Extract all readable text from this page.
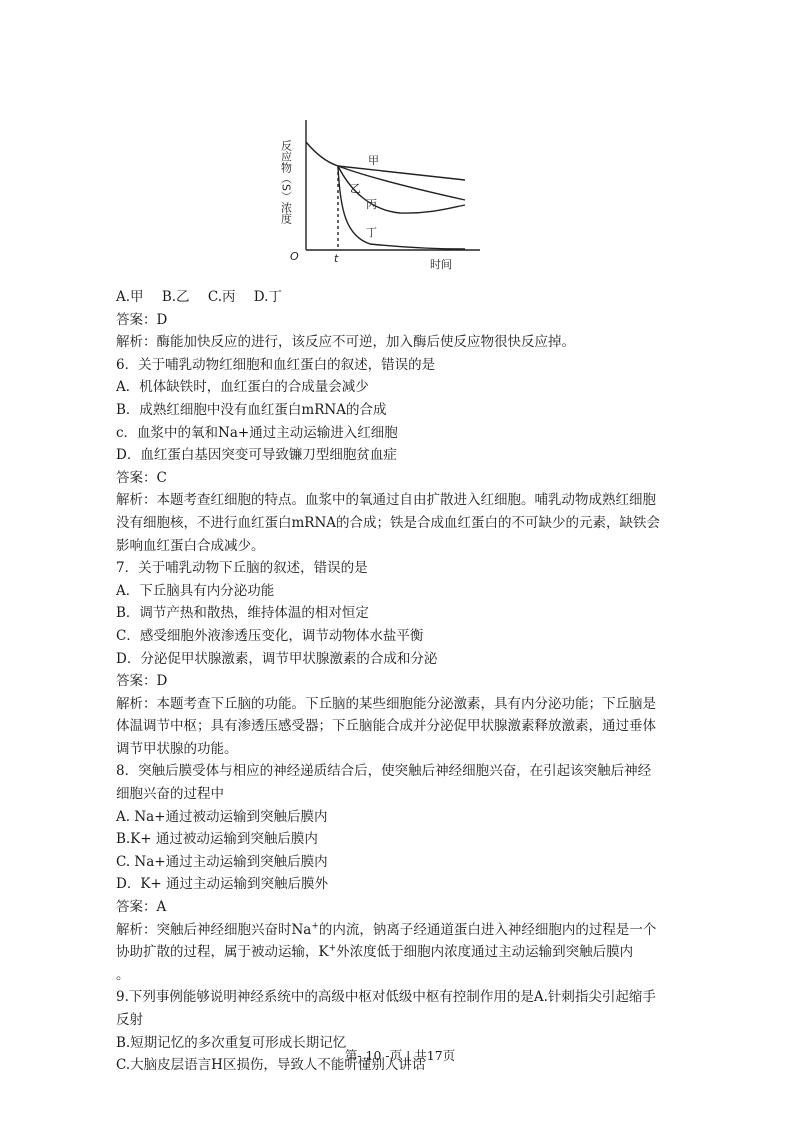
反应物（S）浓度
O	t	时间
甲
乙
丙
丁
A.甲 B.乙 C.丙 D.丁
答案：D
解析：酶能加快反应的进行，该反应不可逆，加入酶后使反应物很快反应掉。
6．关于哺乳动物红细胞和血红蛋白的叙述，错误的是
A．机体缺铁时，血红蛋白的合成量会减少
B．成熟红细胞中没有血红蛋白mRNA的合成
c．血浆中的氧和Na+通过主动运输进入红细胞
D．血红蛋白基因突变可导致镰刀型细胞贫血症
答案：C
解析：本题考查红细胞的特点。血浆中的氧通过自由扩散进入红细胞。哺乳动物成熟红细胞
没有细胞核，不进行血红蛋白mRNA的合成；铁是合成血红蛋白的不可缺少的元素，缺铁会
影响血红蛋白合成减少。
7．关于哺乳动物下丘脑的叙述，错误的是
A．下丘脑具有内分泌功能
B．调节产热和散热，维持体温的相对恒定
C．感受细胞外液渗透压变化，调节动物体水盐平衡
D．分泌促甲状腺激素，调节甲状腺激素的合成和分泌
答案：D
解析：本题考查下丘脑的功能。下丘脑的某些细胞能分泌激素，具有内分泌功能；下丘脑是
体温调节中枢；具有渗透压感受器；下丘脑能合成并分泌促甲状腺激素释放激素，通过垂体
调节甲状腺的功能。
8．突触后膜受体与相应的神经递质结合后，使突触后神经细胞兴奋，在引起该突触后神经
细胞兴奋的过程中
A. Na+通过被动运输到突触后膜内
B.K+ 通过被动运输到突触后膜内
C. Na+通过主动运输到突触后膜内
D．K+ 通过主动运输到突触后膜外
答案：A
解析：突触后神经细胞兴奋时Na+的内流，钠离子经通道蛋白进入神经细胞内的过程是一个
协助扩散的过程，属于被动运输，K+外浓度低于细胞内浓度通过主动运输到突触后膜内
。
9.下列事例能够说明神经系统中的高级中枢对低级中枢有控制作用的是A.针刺指尖引起缩手
反射
B.短期记忆的多次重复可形成长期记忆
C.大脑皮层语言H区损伤，导致人不能听懂别人讲话
第- 10 -页 | 共17页
